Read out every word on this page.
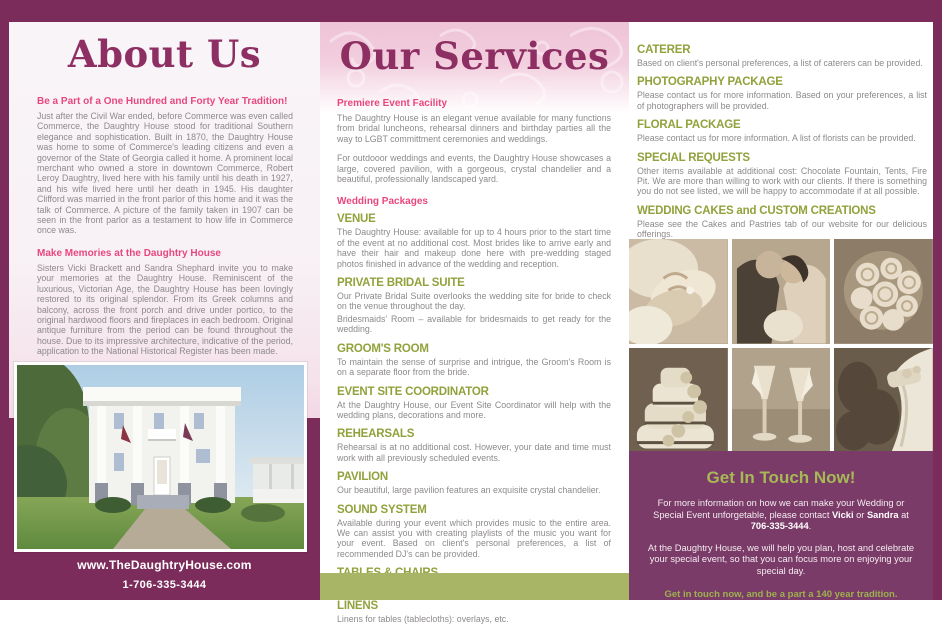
About Us
Be a Part of a One Hundred and Forty Year Tradition!

Just after the Civil War ended, before Commerce was even called Commerce, the Daughtry House stood for traditional Southern elegance and sophistication. Built in 1870, the Daughtry House was home to some of Commerce's leading citizens and even a governor of the State of Georgia called it home. A prominent local merchant who owned a store in downtown Commerce, Robert Leroy Daughtry, lived here with his family until his death in 1927, and his wife lived here until her death in 1945. His daughter Clifford was married in the front parlor of this home and it was the talk of Commerce. A picture of the family taken in 1907 can be seen in the front parlor as a testament to how life in Commerce once was.

Make Memories at the Daughtry House

Sisters Vicki Brackett and Sandra Shephard invite you to make your memories at the Daughtry House. Reminiscent of the luxurious, Victorian Age, the Daughtry House has been lovingly restored to its original splendor. From its Greek columns and balcony, across the front porch and drive under portico, to the original hardwood floors and fireplaces in each bedroom. Original antique furniture from the period can be found throughout the house. Due to its impressive architecture, indicative of the period, application to the National Historical Register has been made.

www.TheDaughtryHouse.com
1-706-335-3444
Our Services
Premiere Event Facility

The Daughtry House is an elegant venue available for many functions from bridal luncheons, rehearsal dinners and birthday parties all the way to LGBT committment ceremonies and weddings.

For outdooor weddings and events, the Daughtry House showcases a large, covered pavilion, with a gorgeous, crystal chandelier and a beautiful, professionally landscaped yard.

Wedding Packages
VENUE

The Daughtry House: available for up to 4 hours prior to the start time of the event at no additional cost. Most brides like to arrive early and have their hair and makeup done here with pre-wedding staged photos finished in advance of the wedding and reception.

PRIVATE BRIDAL SUITE

Our Private Bridal Suite overlooks the wedding site for bride to check on the venue throughout the day.

Bridesmaids' Room – available for bridesmaids to get ready for the wedding.

GROOM'S ROOM

To maintain the sense of surprise and intrigue, the Groom's Room is on a separate floor from the bride.

EVENT SITE COORDINATOR

At the Daughtry House, our Event Site Coordinator will help with the wedding plans, decorations and more.

REHEARSALS

Rehearsal is at no additional cost. However, your date and time must work with all previously scheduled events.

PAVILION

Our beautiful, large pavilion features an exquisite crystal chandelier.

SOUND SYSTEM

Available during your event which provides music to the entire area. We can assist you with creating playlists of the music you want for your event. Based on client's personal preferences, a list of recommended DJ's can be provided.

LINENS

Linens for tables (tablecloths): overlays, etc.

CATERER

Based on client's personal preferences, a list of caterers can be provided.

PHOTOGRAPHY PACKAGE

Please contact us for more information. Based on your preferences, a list of photographers will be provided.

FLORAL PACKAGE

Please contact us for more information. A list of florists can be provided.

SPECIAL REQUESTS

Other items available at additional cost: Chocolate Fountain, Tents, Fire Pit. We are more than willing to work with our clients. If there is something you do not see listed, we will be happy to accommodate if at all possible.

WEDDING CAKES and CUSTOM CREATIONS

Please see the Cakes and Pastries tab of our website for our delicious offerings.

Get In Touch Now!

For more information on how we can make your Wedding or Special Event unforgetable, please contact Vicki or Sandra at 706-335-3444.

At the Daughtry House, we will help you plan, host and celebrate your special event, so that you can focus more on enjoying your special day.

Get in touch now, and be a part a 140 year tradition.
